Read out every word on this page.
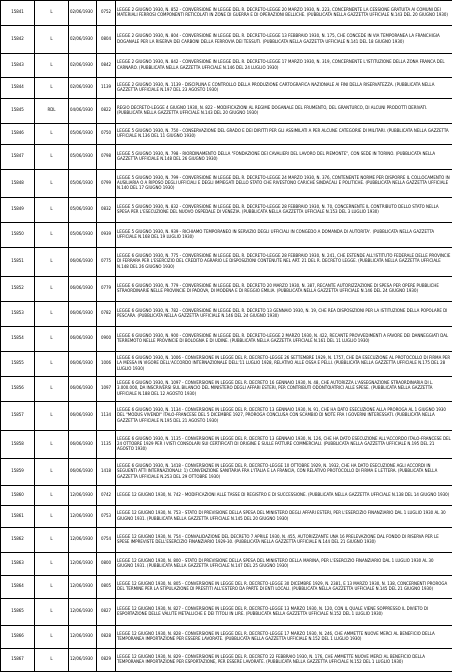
15841	L	02/06/1930	0752	LEGGE 2 GIUGNO 1930, N. 852 - CONVERSIONE IN LEGGE DEL R. DECRETO-LEGGE 20 MARZO 1930, N. 223, CONCERNENTE LA CESSIONE GRATUITA AI COMUNI DEI MATERIALI FERROSI COMPONENTI RETICOLATI IN ZONE DI GUERRA E DI OPERAZIONI BELLICHE. (PUBBLICATA NELLA GAZZETTA UFFICIALE N.143 DEL 20 GIUGNO 1930)
15842	L	02/06/1930	0804	LEGGE 2 GIUGNO 1930, N. 804 - CONVERSIONE IN LEGGE DEL R. DECRETO-LEGGE 13 FEBBRAIO 1930, N. 175, CHE CONCEDE IN VIA TEMPORANEA LA FRANCHIGIA DOGANALE PER LA RISERVA DEI CARBONI DELLA FERROVIA DEI TESSUTI. (PUBBLICATA NELLA GAZZETTA UFFICIALE N.141 DEL 18 GIUGNO 1930)
15843	L	02/06/1930	0842	LEGGE 2 GIUGNO 1930, N. 842 - CONVERSIONE IN LEGGE DEL R. DECRETO-LEGGE 17 MARZO 1930, N. 319, CONCERNENTE L'ISTITUZIONE DELLA ZONA FRANCA DEL CARNARO. (PUBBLICATA NELLA GAZZETTA UFFICIALE N.146 DEL 24 LUGLIO 1930)
15844	L	02/06/1930	1139	LEGGE 2 GIUGNO 1930, N. 1139 - DISCIPLINA E CONTROLLO DELLA PRODUZIONE CARTOGRAFICA NAZIONALE AI FINI DELLA RISERVATEZZA. (PUBBLICATA NELLA GAZZETTA UFFICIALE N.197 DEL 23 AGOSTO 1930)
15845	RDL	04/06/1930	0822	REGIO DECRETO-LEGGE 4 GIUGNO 1930, N. 822 - MODIFICAZIONI AL REGIME DOGANALE DEL FRUMENTO, DEL GRANTURCO, DI ALCUNI PRODOTTI DERIVATI. (PUBBLICATA NELLA GAZZETTA UFFICIALE N.143 DEL 20 GIUGNO 1930)
15846	L	05/06/1930	0750	LEGGE 5 GIUGNO 1930, N. 750 - CONSERVAZIONE DEL GRADO E DEI DIRITTI PER GLI ASSIMILATI A PER ALCUNE CATEGORIE DI MILITARI. (PUBBLICATA NELLA GAZZETTA UFFICIALE N.136 DEL 11 GIUGNO 1930)
15847	L	05/06/1930	0798	LEGGE 5 GIUGNO 1930, N. 798 - RIORDINAMENTO DELLA "FONDAZIONE DEI CAVALIERI DEL LAVORO DEL PIEMONTE", CON SEDE IN TORINO. (PUBBLICATA NELLA GAZZETTA UFFICIALE N.148 DEL 26 GIUGNO 1930)
15848	L	05/06/1930	0799	LEGGE 5 GIUGNO 1930, N. 799 - CONVERSIONE IN LEGGE DEL R. DECRETO-LEGGE 24 MARZO 1930, N. 376, CONTENENTE NORME PER DISPORRE IL COLLOCAMENTO IN AUSILIARIA O A RIPOSO DEGLI UFFICIALI E DEGLI IMPIEGATI DELLO STATO CHE RIVESTONO CARICHE SINDACALI E POLITICHE. (PUBBLICATA NELLA GAZZETTA UFFICIALE N.140 DEL 17 GIUGNO 1930)
15849	L	05/06/1930	0832	LEGGE 5 GIUGNO 1930, N. 832 - CONVERSIONE IN LEGGE DEL R. DECRETO-LEGGE 28 FEBBRAIO 1930, N. 70, CONCERNENTE IL CONTRIBUTO DELLO STATO NELLA SPESA PER L'ESECUZIONE DEL NUOVO OSPEDALE DI VENEZIA. (PUBBLICATA NELLA GAZZETTA UFFICIALE N.153 DEL 3 LUGLIO 1930)
15850	L	05/06/1930	0939	LEGGE 5 GIUGNO 1930, N. 939 - RICHIAMO TEMPORANEO IN SERVIZIO DEGLI UFFICIALI IN CONGEDO A DOMANDA DI AUTORITA'. (PUBBLICATA NELLA GAZZETTA UFFICIALE N.168 DEL 19 LUGLIO 1930)
15851	L	06/06/1930	0775	LEGGE 6 GIUGNO 1930, N. 775 - CONVERSIONE IN LEGGE DEL R. DECRETO-LEGGE 28 FEBBRAIO 1930, N. 241, CHE ESTENDE ALL'ISTITUTO FEDERALE DELLE PROVINCIE DI FERRARA PER L'ESERCIZIO DEL CREDITO AGRARIO LE DISPOSIZIONI CONTENUTE NEL ART. 21 DEL R. DECRETO LEGGE. (PUBBLICATA NELLA GAZZETTA UFFICIALE N.148 DEL 26 GIUGNO 1930)
15852	L	06/06/1930	0779	LEGGE 6 GIUGNO 1930, N. 779 - CONVERSIONE IN LEGGE DEL R. DECRETO 20 MARZO 1930, N. 387, RECANTE AUTORIZZAZIONE DI SPESA PER OPERE PUBBLICHE STRAORDINARIE NELLE PROVINCIE DI PADOVA, DI MODENA E DI REGGIO EMILIA. (PUBBLICATA NELLA GAZZETTA UFFICIALE N.146 DEL 24 GIUGNO 1930)
15853	L	06/06/1930	0782	LEGGE 6 GIUGNO 1930, N. 782 - CONVERSIONE IN LEGGE DEL R. DECRETO 13 GENNAIO 1930, N. 19, CHE REA DISPOSIZIONI PER LA ISTITUZIONE DELLA POPOLARE DI PESCARA. (PUBBLICATA NELLA GAZZETTA UFFICIALE N.146 DEL 24 GIUGNO 1930)
15854	L	06/06/1930	0900	LEGGE 6 GIUGNO 1930, N. 900 - CONVERSIONE IN LEGGE DEL R. DECRETO-LEGGE 2 MARZO 1930, N. 422, RECANTE PROVVEDIMENTI A FAVORE DEI DANNEGGIATI DAL TERREMOTO NELLE PROVINCIE DI BOLOGNA E DI UDINE. (PUBBLICATA NELLA GAZZETTA UFFICIALE N.161 DEL 11 LUGLIO 1930)
15855	L	06/06/1930	1006	LEGGE 6 GIUGNO 1930, N. 1006 - CONVERSIONE IN LEGGE DEL R. DECRETO-LEGGE 26 SETTEMBRE 1929, N. 1757, CHE DA ESECUZIONE AL PROTOCOLLO DI FIRMA PER LA MESSA IN VIGORE DELL'ACCORDO INTERNAZIONALE DELL'11 LUGLIO 1928, RELATIVO ALLE OSSA E PELLI. (PUBBLICATA NELLA GAZZETTA UFFICIALE N.175 DEL 28 LUGLIO 1930)
15856	L	06/06/1930	1097	LEGGE 6 GIUGNO 1930, N. 1097 - CONVERSIONE IN LEGGE DEL R. DECRETO 16 GENNAIO 1930, N. 48, CHE AUTORIZZA L'ASSEGNAZIONE STRAORDINARIA DI L. 3.000.000, DA INSCRIVERSI SUL BILANCIO DEL MINISTERO DEGLI AFFARI ESTERI, PER CONTRIBUTI ODONTOIATRICI ALLE SPESE. (PUBBLICATA NELLA GAZZETTA UFFICIALE N.188 DEL 12 AGOSTO 1930)
15857	L	06/06/1930	1134	LEGGE 6 GIUGNO 1930, N. 1134 - CONVERSIONE IN LEGGE DEL R. DECRETO 13 GENNAIO 1930, N. 91, CHE HA DATO ESECUZIONE ALLA PROROGA AL 1 GIUGNO 1930 DEL "MODUS VIVENDI" ITALO-FRANCESE DEL 5 DICEMBRE 1927, PROROGA CONCLUSA CON SCAMBIO DI NOTE FRA I GOVERNI INTERESSATI. (PUBBLICATA NELLA GAZZETTA UFFICIALE N.195 DEL 21 AGOSTO 1930)
15858	L	06/06/1930	1135	LEGGE 6 GIUGNO 1930, N. 1135 - CONVERSIONE IN LEGGE DEL R. DECRETO 13 GENNAIO 1930, N. 126, CHE HA DATO ESECUZIONE ALL'ACCORDO ITALO-FRANCESE DEL 24 OTTOBRE 1929 PER I VISTI CONSOLARI SUI CERTIFICATI DI ORIGINE E SULLE FATTURE COMMERCIALI. (PUBBLICATA NELLA GAZZETTA UFFICIALE N.195 DEL 21 AGOSTO 1930)
15859	L	06/06/1930	1418	LEGGE 6 GIUGNO 1930, N. 1418 - CONVERSIONE IN LEGGE DEL R. DECRETO-LEGGE 10 OTTOBRE 1929, N. 1932, CHE HA DATO ESECUZIONE AGLI ACCORDI IN SEGUENTI ATTI INTERNAZIONALI: 1) CONVENZIONE SANITARIA FRA L'ITALIA E LA FRANCIA, CON RELATIVO PROTOCOLLO DI FIRMA E LETTERA. (PUBBLICATA NELLA GAZZETTA UFFICIALE N.253 DEL 29 OTTOBRE 1930)
15860	L	12/06/1930	0742	LEGGE 12 GIUGNO 1930, N. 742 - MODIFICAZIONI ALLE TASSE DI REGISTRO E DI SUCCESSIONE. (PUBBLICATA NELLA GAZZETTA UFFICIALE N.138 DEL 14 GIUGNO 1930)
15861	L	12/06/1930	0753	LEGGE 12 GIUGNO 1930, N. 753 - STATO DI PREVISIONE DELLA SPESA DEL MINISTERO DEGLI AFFARI ESTERI, PER L'ESERCIZIO FINANZIARIO DAL 1 LUGLIO 1930 AL 30 GIUGNO 1931. (PUBBLICATA NELLA GAZZETTA UFFICIALE N.145 DEL 20 GIUGNO 1930)
15862	L	12/06/1930	0754	LEGGE 12 GIUGNO 1930, N. 754 - CONVALIDAZIONE DEL DECRETO 7 APRILE 1930, N. 455, AUTORIZZANTE UNA 16 PRELEVAZIONE DAL FONDO DI RISERVA PER LE SPESE IMPREVISTE DELL'ESERCIZIO FINANZIARIO 1929-30. (PUBBLICATA NELLA GAZZETTA UFFICIALE N.144 DEL 21 GIUGNO 1930)
15863	L	12/06/1930	0800	LEGGE 12 GIUGNO 1930, N. 800 - STATO DI PREVISIONE DELLA SPESA DEL MINISTERO DELLA MARINA, PER L'ESERCIZIO FINANZIARIO DAL 1 LUGLIO 1930 AL 30 GIUGNO 1931. (PUBBLICATA NELLA GAZZETTA UFFICIALE N.147 DEL 25 GIUGNO 1930)
15864	L	12/06/1930	0805	LEGGE 12 GIUGNO 1930, N. 805 - CONVERSIONE IN LEGGE DEL R. DECRETO-LEGGE 30 DICEMBRE 1929, N. 2381, E 13 MARZO 1930, N. 138, CONCERNENTI PROROGA DEL TERMINE PER LA STIPULAZIONE DI PRESTITI ALL'ESTERO DA PARTE DI ENTI LOCALI. (PUBBLICATA NELLA GAZZETTA UFFICIALE N.145 DEL 21 GIUGNO 1930)
15865	L	12/06/1930	0827	LEGGE 12 GIUGNO 1930, N. 827 - CONVERSIONE IN LEGGE DEL R. DECRETO-LEGGE 13 MARZO 1930, N. 120, CON IL QUALE VIENE SOPPRESSO IL DIVIETO DI ESPORTAZIONE DELLE VALUTE METALLICHE E DEI TITOLI IN LIRE. (PUBBLICATA NELLA GAZZETTA UFFICIALE N.152 DEL 1 LUGLIO 1930)
15866	L	12/06/1930	0828	LEGGE 12 GIUGNO 1930, N. 828 - CONVERSIONE IN LEGGE DEL R. DECRETO-LEGGE 17 MARZO 1930, N. 246, CHE AMMETTE NUOVE MERCI AL BENEFICIO DELLA TEMPORANEA IMPORTAZIONE PER ESSERE LAVORATE. (PUBBLICATA NELLA GAZZETTA UFFICIALE N.152 DEL 1 LUGLIO 1930)
15867	L	12/06/1930	0829	LEGGE 12 GIUGNO 1930, N. 829 - CONVERSIONE IN LEGGE DEL R. DECRETO 22 FEBBRAIO 1930, N. 176, CHE AMMETTE NUOVE MERCI AL BENEFICIO DELLA TEMPORANEA IMPORTAZIONE PER ESPORTAZIONE, PER ESSERE LAVORATE. (PUBBLICATA NELLA GAZZETTA UFFICIALE N.152 DEL 1 LUGLIO 1930)
